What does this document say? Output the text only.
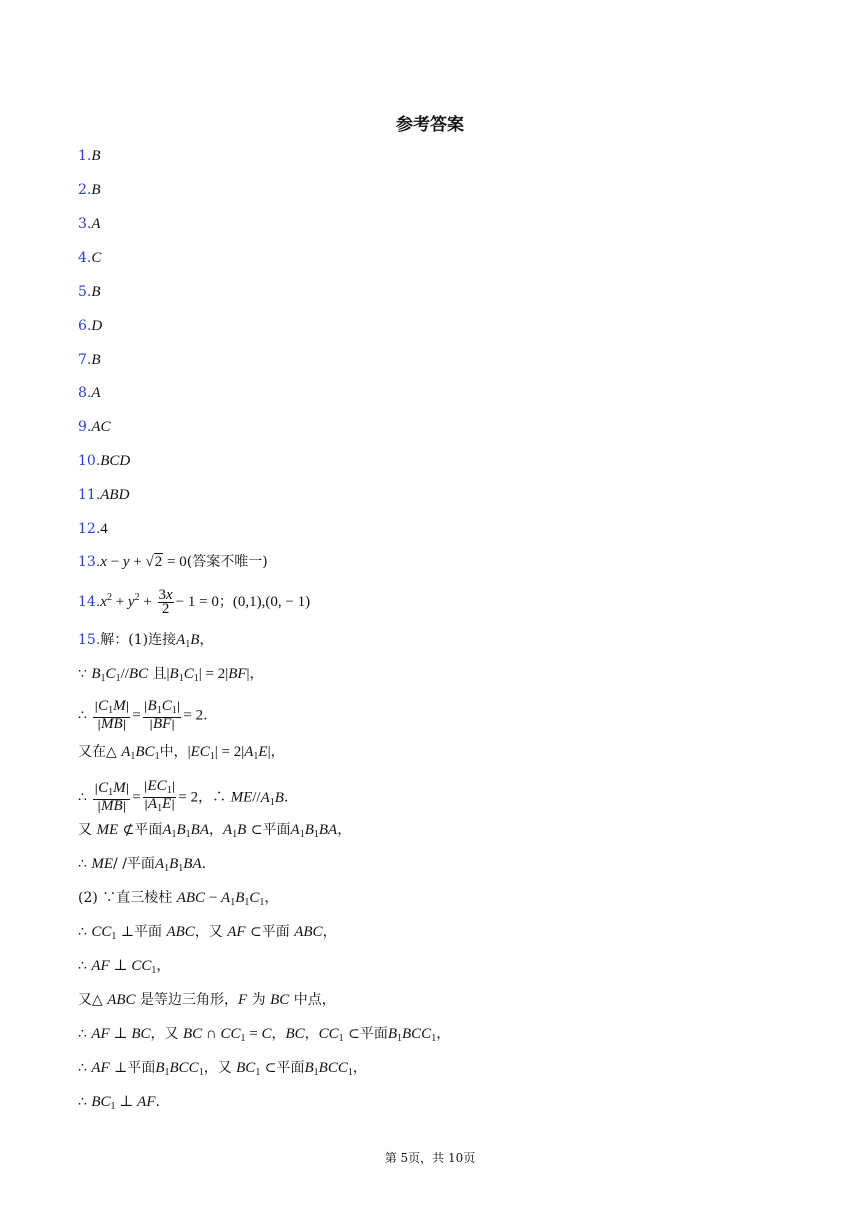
参考答案
1.B
2.B
3.A
4.C
5.B
6.D
7.B
8.A
9.AC
10.BCD
11.ABD
12.4
13.x − y + √2 = 0(答案不唯一)
$14.x^2 + y^2 + \frac{3x}{2} - 1 = 0$；(0,1),(0, − 1)
15.解：(1)连接$A_1B$，
∵ $B_1C_1//BC$ 且$|B_1C_1| = 2|BF|$，
∴ $\frac{|C_1M|}{|MB|} = \frac{|B_1C_1|}{|BF|} = 2$.
又在△ $A_1BC_1$中，$|EC_1| = 2|A_1E|$，
∴ $\frac{|C_1M|}{|MB|} = \frac{|EC_1|}{|A_1E|} = 2$，∴ $ME//A_1B$.
又 ME ⊄平面$A_1B_1BA$，$A_1B$ ⊂平面$A_1B_1BA$，
∴ ME/ /平面$A_1B_1BA$.
(2) ∵直三棱柱 ABC − $A_1B_1C_1$，
∴ $CC_1$ ⊥平面 ABC，又 AF ⊂平面 ABC，
∴ AF ⊥ $CC_1$，
又△ ABC 是等边三角形，F 为 BC 中点，
∴ AF ⊥ BC，又 BC ∩ $CC_1 = C$，BC，$CC_1$ ⊂平面$B_1BCC_1$，
∴ AF ⊥平面$B_1BCC_1$，又 $BC_1$ ⊂平面$B_1BCC_1$，
∴ $BC_1$ ⊥ AF.
第 5页，共 10页
